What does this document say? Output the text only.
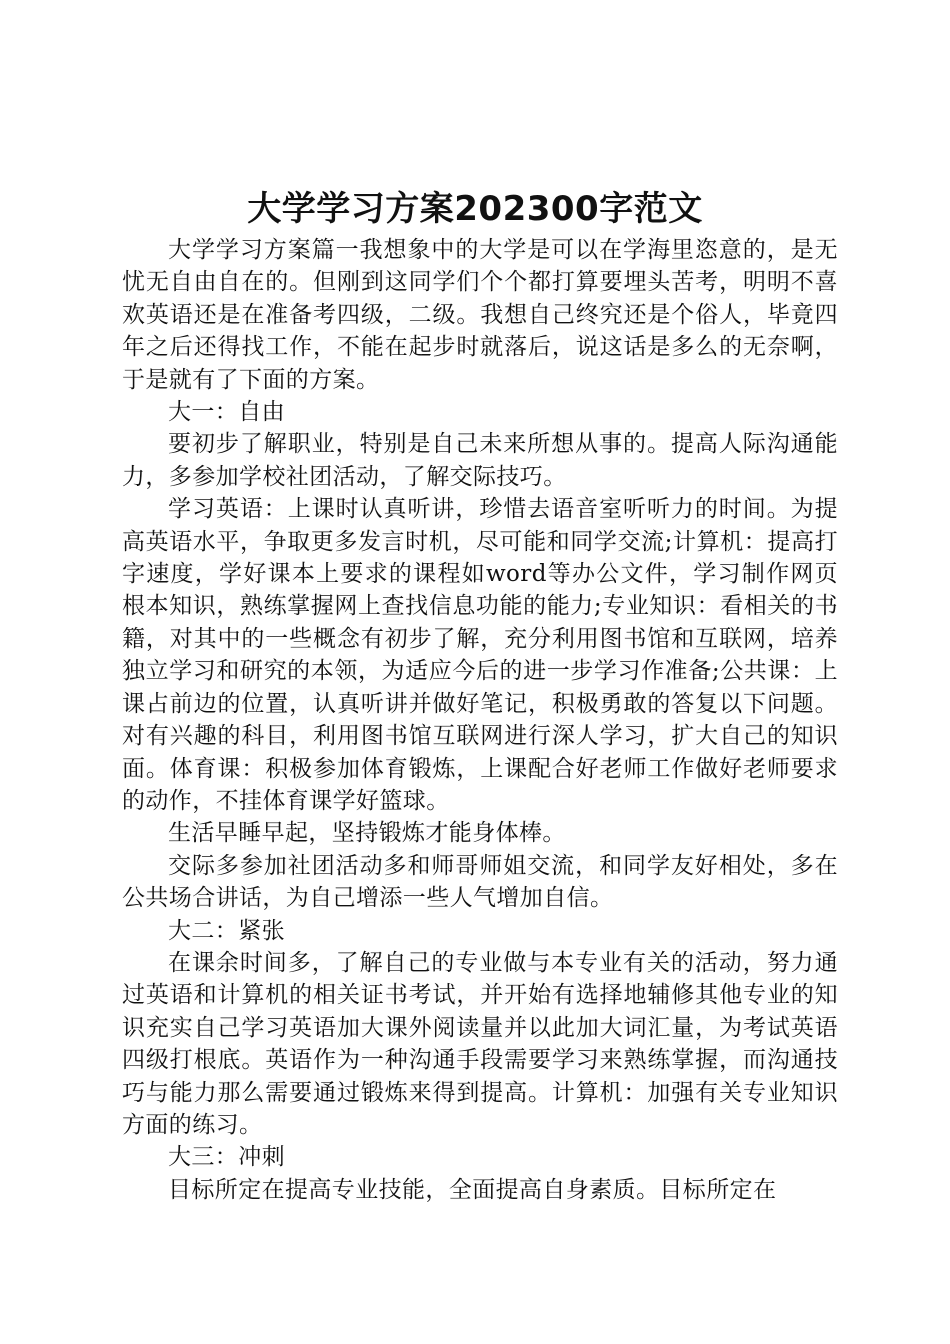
大学学习方案202300字范文

大学学习方案篇一我想象中的大学是可以在学海里恣意的，是无忧无自由自在的。但刚到这同学们个个都打算要埋头苦考，明明不喜欢英语还是在准备考四级，二级。我想自己终究还是个俗人，毕竟四年之后还得找工作，不能在起步时就落后，说这话是多么的无奈啊，于是就有了下面的方案。

大一：自由

要初步了解职业，特别是自己未来所想从事的。提高人际沟通能力，多参加学校社团活动，了解交际技巧。

学习英语：上课时认真听讲，珍惜去语音室听听力的时间。为提高英语水平，争取更多发言时机，尽可能和同学交流;计算机：提高打字速度，学好课本上要求的课程如word等办公文件，学习制作网页根本知识，熟练掌握网上查找信息功能的能力;专业知识：看相关的书籍，对其中的一些概念有初步了解，充分利用图书馆和互联网，培养独立学习和研究的本领，为适应今后的进一步学习作准备;公共课：上课占前边的位置，认真听讲并做好笔记，积极勇敢的答复以下问题。对有兴趣的科目，利用图书馆互联网进行深人学习，扩大自己的知识面。体育课：积极参加体育锻炼，上课配合好老师工作做好老师要求的动作，不挂体育课学好篮球。

生活早睡早起，坚持锻炼才能身体棒。

交际多参加社团活动多和师哥师姐交流，和同学友好相处，多在公共场合讲话，为自己增添一些人气增加自信。

大二：紧张

在课余时间多，了解自己的专业做与本专业有关的活动，努力通过英语和计算机的相关证书考试，并开始有选择地辅修其他专业的知识充实自己学习英语加大课外阅读量并以此加大词汇量，为考试英语四级打根底。英语作为一种沟通手段需要学习来熟练掌握，而沟通技巧与能力那么需要通过锻炼来得到提高。计算机：加强有关专业知识方面的练习。

大三：冲刺

目标所定在提高专业技能，全面提高自身素质。目标所定在
